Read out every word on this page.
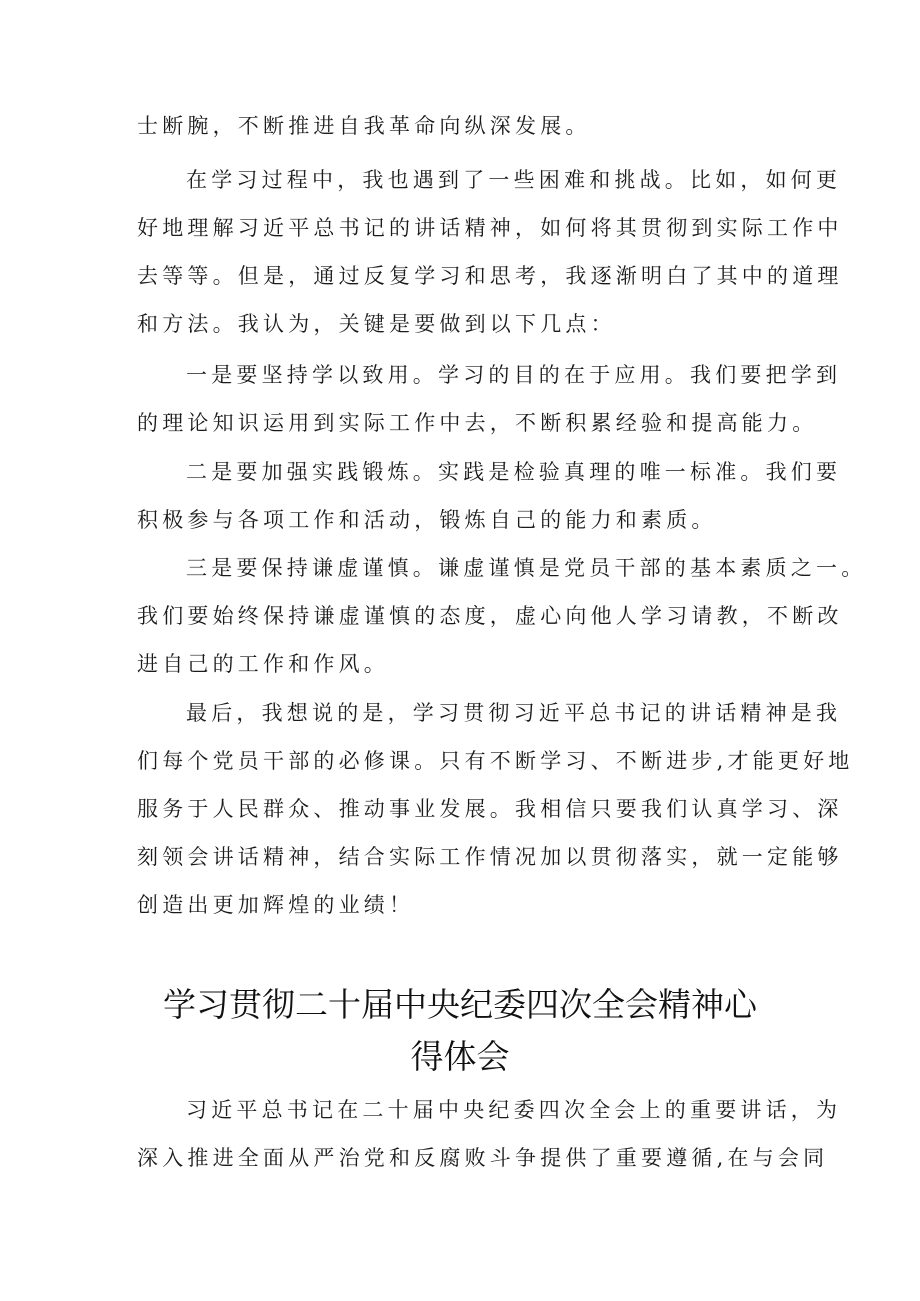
士断腕，不断推进自我革命向纵深发展。
在学习过程中，我也遇到了一些困难和挑战。比如，如何更
好地理解习近平总书记的讲话精神，如何将其贯彻到实际工作中
去等等。但是，通过反复学习和思考，我逐渐明白了其中的道理
和方法。我认为，关键是要做到以下几点：
一是要坚持学以致用。学习的目的在于应用。我们要把学到
的理论知识运用到实际工作中去，不断积累经验和提高能力。
二是要加强实践锻炼。实践是检验真理的唯一标准。我们要
积极参与各项工作和活动，锻炼自己的能力和素质。
三是要保持谦虚谨慎。谦虚谨慎是党员干部的基本素质之一。
我们要始终保持谦虚谨慎的态度，虚心向他人学习请教，不断改
进自己的工作和作风。
最后，我想说的是，学习贯彻习近平总书记的讲话精神是我
们每个党员干部的必修课。只有不断学习、不断进步,才能更好地
服务于人民群众、推动事业发展。我相信只要我们认真学习、深
刻领会讲话精神，结合实际工作情况加以贯彻落实，就一定能够
创造出更加辉煌的业绩！
学习贯彻二十届中央纪委四次全会精神心
得体会
习近平总书记在二十届中央纪委四次全会上的重要讲话，为
深入推进全面从严治党和反腐败斗争提供了重要遵循,在与会同
